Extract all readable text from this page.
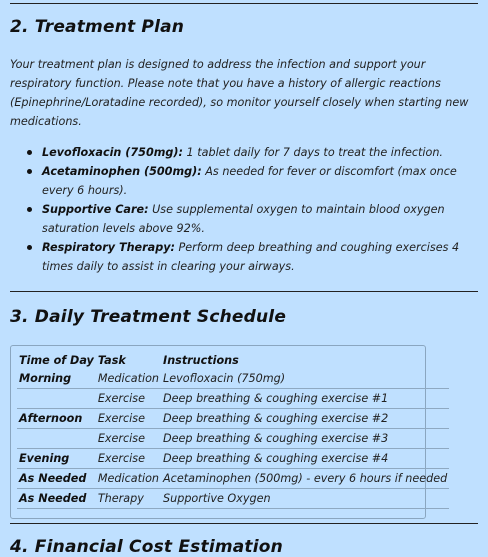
2. Treatment Plan

Your treatment plan is designed to address the infection and support your respiratory function. Please note that you have a history of allergic reactions (Epinephrine/Loratadine recorded), so monitor yourself closely when starting new medications.

Levofloxacin (750mg): 1 tablet daily for 7 days to treat the infection.
Acetaminophen (500mg): As needed for fever or discomfort (max once every 6 hours).
Supportive Care: Use supplemental oxygen to maintain blood oxygen saturation levels above 92%.
Respiratory Therapy: Perform deep breathing and coughing exercises 4 times daily to assist in clearing your airways.
3. Daily Treatment Schedule
Time of Day	Task	Instructions
Morning	Medication	Levofloxacin (750mg)
	Exercise	Deep breathing & coughing exercise #1
Afternoon	Exercise	Deep breathing & coughing exercise #2
	Exercise	Deep breathing & coughing exercise #3
Evening	Exercise	Deep breathing & coughing exercise #4
As Needed	Medication	Acetaminophen (500mg) - every 6 hours if needed
As Needed	Therapy	Supportive Oxygen
4. Financial Cost Estimation
